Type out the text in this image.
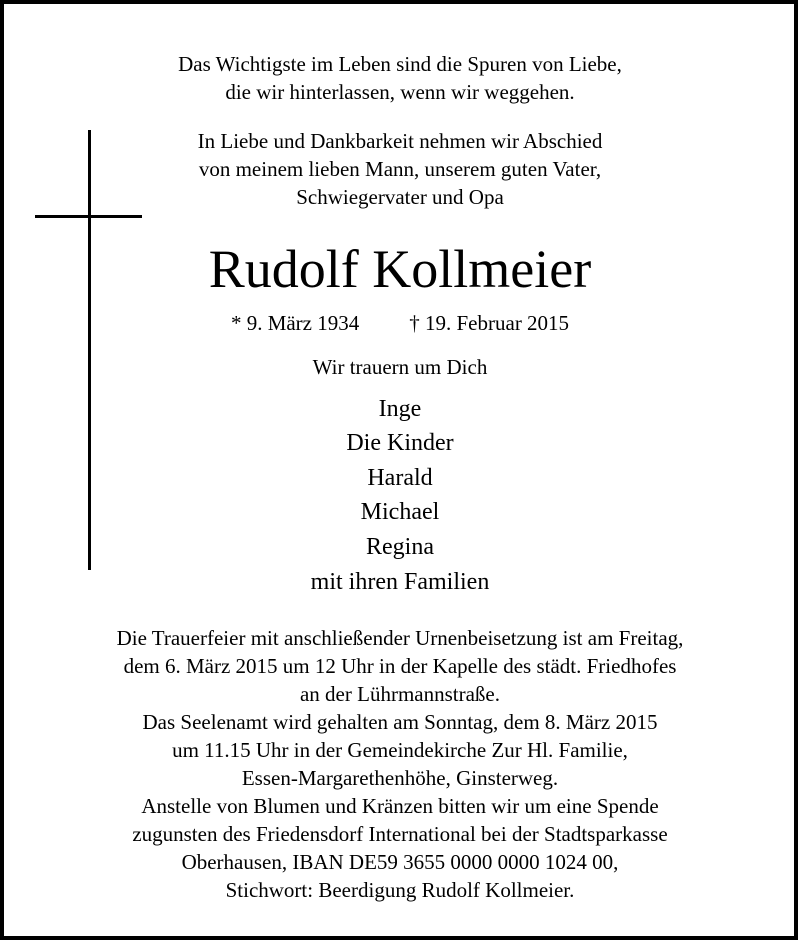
Das Wichtigste im Leben sind die Spuren von Liebe,
die wir hinterlassen, wenn wir weggehen.
In Liebe und Dankbarkeit nehmen wir Abschied
von meinem lieben Mann, unserem guten Vater,
Schwiegervater und Opa
Rudolf Kollmeier
* 9. März 1934 † 19. Februar 2015
Wir trauern um Dich
Inge
Die Kinder
Harald
Michael
Regina
mit ihren Familien
Die Trauerfeier mit anschließender Urnenbeisetzung ist am Freitag,
dem 6. März 2015 um 12 Uhr in der Kapelle des städt. Friedhofes
an der Lührmannstraße.
Das Seelenamt wird gehalten am Sonntag, dem 8. März 2015
um 11.15 Uhr in der Gemeindekirche Zur Hl. Familie,
Essen-Margarethenhöhe, Ginsterweg.
Anstelle von Blumen und Kränzen bitten wir um eine Spende
zugunsten des Friedensdorf International bei der Stadtsparkasse
Oberhausen, IBAN DE59 3655 0000 0000 1024 00,
Stichwort: Beerdigung Rudolf Kollmeier.
